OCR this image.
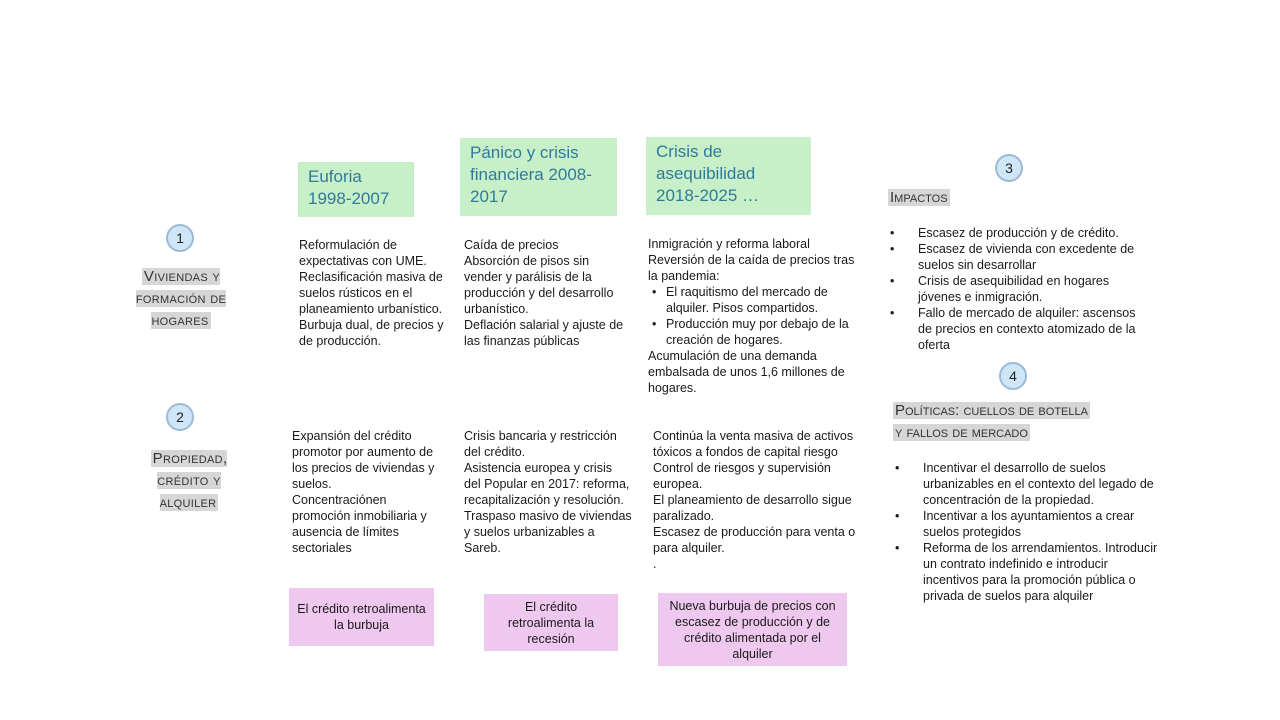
Euforia 1998-2007
Pánico y crisis financiera 2008-2017
Crisis de asequibilidad 2018-2025 …
1
Viviendas y formación de hogares
2
Propiedad, crédito y alquiler

Reformulación de expectativas con UME.

Reclasificación masiva de suelos rústicos en el planeamiento urbanístico.

Burbuja dual, de precios y de producción.

Caída de precios

Absorción de pisos sin vender y parálisis de la producción y del desarrollo urbanístico.

Deflación salarial y ajuste de las finanzas públicas

Inmigración y reforma laboral

Reversión de la caída de precios tras la pandemia:

• El raquitismo del mercado de alquiler. Pisos compartidos.
• Producción muy por debajo de la creación de hogares.

Acumulación de una demanda embalsada de unos 1,6 millones de hogares.

Expansión del crédito promotor por aumento de los precios de viviendas y suelos.

Concentraciónen promoción inmobiliaria y ausencia de límites sectoriales

Crisis bancaria y restricción del crédito.

Asistencia europea y crisis del Popular en 2017: reforma, recapitalización y resolución.

Traspaso masivo de viviendas y suelos urbanizables a Sareb.

Continúa la venta masiva de activos tóxicos a fondos de capital riesgo

Control de riesgos y supervisión europea.

El planeamiento de desarrollo sigue paralizado.

Escasez de producción para venta o para alquiler.

.

El crédito retroalimenta la burbuja
El crédito retroalimenta la recesión
Nueva burbuja de precios con escasez de producción y de crédito alimentada por el alquiler
3
Impactos
• Escasez de producción y de crédito.
• Escasez de vivienda con excedente de suelos sin desarrollar
• Crisis de asequibilidad en hogares jóvenes e inmigración.
• Fallo de mercado de alquiler: ascensos de precios en contexto atomizado de la oferta
4
Políticas: cuellos de botella
y fallos de mercado
• Incentivar el desarrollo de suelos urbanizables en el contexto del legado de concentración de la propiedad.
• Incentivar a los ayuntamientos a crear suelos protegidos
• Reforma de los arrendamientos. Introducir un contrato indefinido e introducir incentivos para la promoción pública o privada de suelos para alquiler
